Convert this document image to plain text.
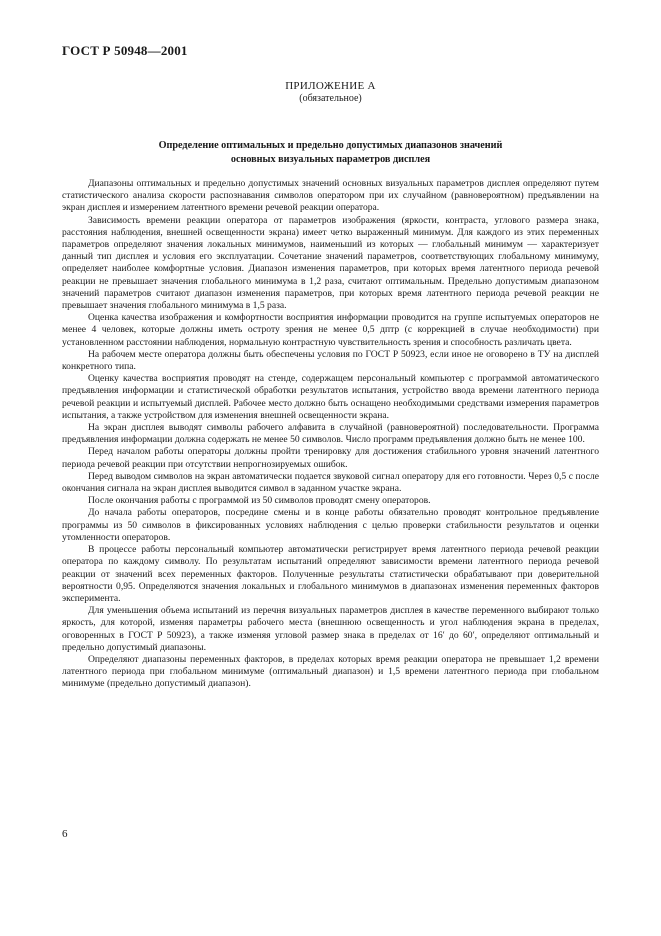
ГОСТ Р 50948—2001
ПРИЛОЖЕНИЕ А
(обязательное)
Определение оптимальных и предельно допустимых диапазонов значений
основных визуальных параметров дисплея

Диапазоны оптимальных и предельно допустимых значений основных визуальных параметров дисплея определяют путем статистического анализа скорости распознавания символов оператором при их случайном (равновероятном) предъявлении на экран дисплея и измерением латентного времени речевой реакции оператора.

Зависимость времени реакции оператора от параметров изображения (яркости, контраста, углового размера знака, расстояния наблюдения, внешней освещенности экрана) имеет четко выраженный минимум. Для каждого из этих переменных параметров определяют значения локальных минимумов, наименьший из которых — глобальный минимум — характеризует данный тип дисплея и условия его эксплуатации. Сочетание значений параметров, соответствующих глобальному минимуму, определяет наиболее комфортные условия. Диапазон изменения параметров, при которых время латентного периода речевой реакции не превышает значения глобального минимума в 1,2 раза, считают оптимальным. Предельно допустимым диапазоном значений параметров считают диапазон изменения параметров, при которых время латентного периода речевой реакции не превышает значения глобального минимума в 1,5 раза.

Оценка качества изображения и комфортности восприятия информации проводится на группе испытуемых операторов не менее 4 человек, которые должны иметь остроту зрения не менее 0,5 дптр (с коррекцией в случае необходимости) при установленном расстоянии наблюдения, нормальную контрастную чувствительность зрения и способность различать цвета.

На рабочем месте оператора должны быть обеспечены условия по ГОСТ Р 50923, если иное не оговорено в ТУ на дисплей конкретного типа.

Оценку качества восприятия проводят на стенде, содержащем персональный компьютер с программой автоматического предъявления информации и статистической обработки результатов испытания, устройство ввода времени латентного периода речевой реакции и испытуемый дисплей. Рабочее место должно быть оснащено необходимыми средствами измерения параметров испытания, а также устройством для изменения внешней освещенности экрана.

На экран дисплея выводят символы рабочего алфавита в случайной (равновероятной) последовательности. Программа предъявления информации должна содержать не менее 50 символов. Число программ предъявления должно быть не менее 100.

Перед началом работы операторы должны пройти тренировку для достижения стабильного уровня значений латентного периода речевой реакции при отсутствии непрогнозируемых ошибок.

Перед выводом символов на экран автоматически подается звуковой сигнал оператору для его готовности. Через 0,5 с после окончания сигнала на экран дисплея выводится символ в заданном участке экрана.

После окончания работы с программой из 50 символов проводят смену операторов.

До начала работы операторов, посредине смены и в конце работы обязательно проводят контрольное предъявление программы из 50 символов в фиксированных условиях наблюдения с целью проверки стабильности результатов и оценки утомленности операторов.

В процессе работы персональный компьютер автоматически регистрирует время латентного периода речевой реакции оператора по каждому символу. По результатам испытаний определяют зависимости времени латентного периода речевой реакции от значений всех переменных факторов. Полученные результаты статистически обрабатывают при доверительной вероятности 0,95. Определяются значения локальных и глобального минимумов в диапазонах изменения переменных факторов эксперимента.

Для уменьшения объема испытаний из перечня визуальных параметров дисплея в качестве переменного выбирают только яркость, для которой, изменяя параметры рабочего места (внешнюю освещенность и угол наблюдения экрана в пределах, оговоренных в ГОСТ Р 50923), а также изменяя угловой размер знака в пределах от 16′ до 60′, определяют оптимальный и предельно допустимый диапазоны.

Определяют диапазоны переменных факторов, в пределах которых время реакции оператора не превышает 1,2 времени латентного периода при глобальном минимуме (оптимальный диапазон) и 1,5 времени латентного периода при глобальном минимуме (предельно допустимый диапазон).

6
